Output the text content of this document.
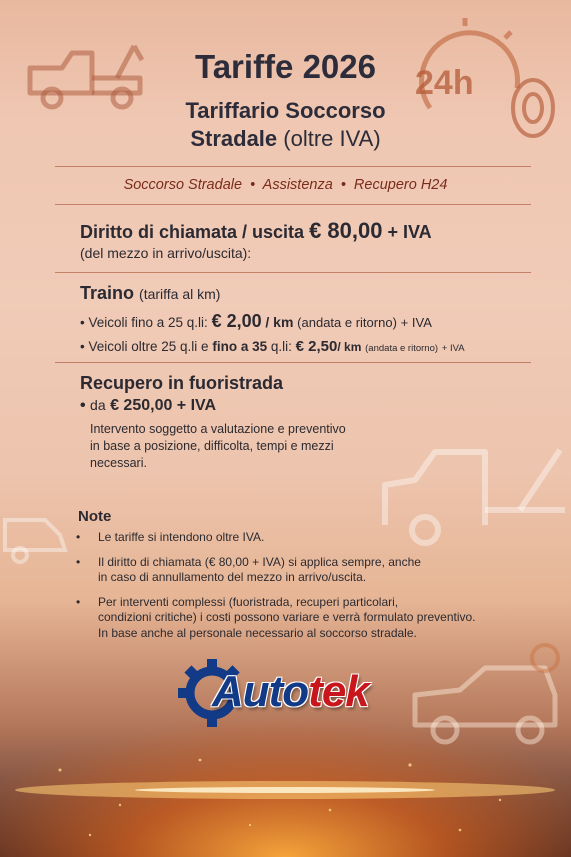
24h
Tariffe 2026
Tariffario Soccorso
Stradale (oltre IVA)
Soccorso Stradale • Assistenza • Recupero H24
Diritto di chiamata / uscita € 80,00 + IVA
(del mezzo in arrivo/uscita):
Traino (tariffa al km)
• Veicoli fino a 25 q.li: € 2,00 / km (andata e ritorno) + IVA
• Veicoli oltre 25 q.li e fino a 35 q.li: € 2,50/ km (andata e ritorno) + IVA
Recupero in fuoristrada
• da € 250,00 + IVA
Intervento soggetto a valutazione e preventivo
in base a posizione, difficolta, tempi e mezzi
necessari.
Note
• Le tariffe si intendono oltre IVA.
• Il diritto di chiamata (€ 80,00 + IVA) si applica sempre, anche
in caso di annullamento del mezzo in arrivo/uscita.
• Per interventi complessi (fuoristrada, recuperi particolari,
condizioni critiche) i costi possono variare e verrà formulato preventivo.
In base anche al personale necessario al soccorso stradale.
Autotek
